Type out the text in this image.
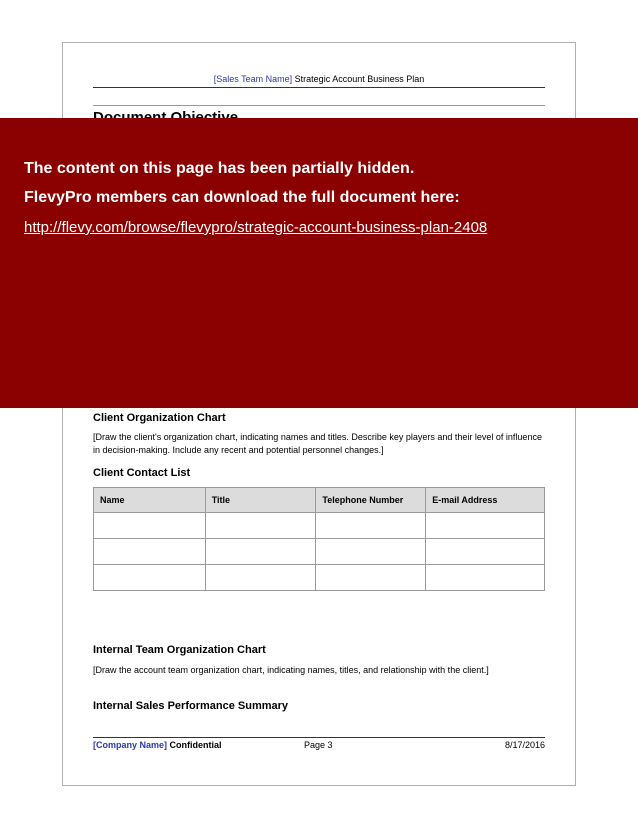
[Sales Team Name] Strategic Account Business Plan
The content on this page has been partially hidden.
FlevyPro members can download the full document here:
http://flevy.com/browse/flevypro/strategic-account-business-plan-2408
Client Organization Chart
[Draw the client's organization chart, indicating names and titles. Describe key players and their level of influence in decision-making. Include any recent and potential personnel changes.]
Client Contact List
Name	Title	Telephone Number	E-mail Address

Internal Team Organization Chart
[Draw the account team organization chart, indicating names, titles, and relationship with the client.]
Internal Sales Performance Summary
[Company Name] Confidential	Page 3	8/17/2016
